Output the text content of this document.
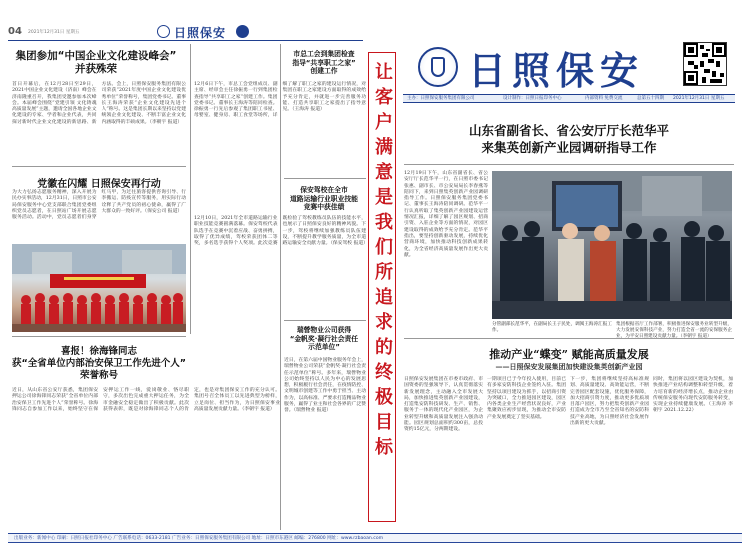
04 2021年12月31日 星期五	日照保安
集团参加“中国企业文化建设峰会”
并获殊荣
首日开幕后，在12月28日至29日，2021中国企业文化建设（济南）峰会在济南隆重召开，我集团受邀参加本次峰会。本届峰会围绕“党建引领 文化铸魂 高质量发展”主题，邀请全国各地企业文化建设的专家、学者和企业代表，共同探讨新时代企业文化建设的新思路、新方法。会上，日照保安服务集团有限公司荣获“2021年度中国企业文化建设优秀单位”荣誉称号，集团党委书记、董事长王海涛荣获“企业文化建设先进个人”称号。这是集团长期以来坚持以党建统领企业文化建设、不断丰富企业文化内涵取得的丰硕成果。（李朝宇 报道）
党徽在闪耀 日照保安再行动
为大力弘扬志愿服务精神，深入开展为民办实事活动，12月31日，日照市公安局保安服务中心党支部联合集团党委组织党员志愿者，在日照站广场开展志愿服务活动。活动中，党员志愿者们身穿红马甲，为过往旅客提供咨询引导、行李搬运、防疫宣传等服务，用实际行动诠释了共产党员的初心使命，赢得了广大群众的一致好评。（保安公司 报道）
喜报！徐海锋同志
获“全省单位内部治安保卫工作先进个人”
荣誉称号
近日，从山东省公安厅获悉，集团保安押运公司徐海锋同志荣获“全省单位内部治安保卫工作先进个人”荣誉称号。徐海锋同志自参加工作以来，始终坚守在保安押运工作一线，爱岗敬业、恪尽职守，多次出色完成重大押运任务，为全市金融安全稳定做出了积极贡献。此次获得表彰，既是对徐海锋同志个人的肯定，也是对集团保安工作的充分认可。集团号召全体员工以先进典型为榜样，立足岗位、担当作为，为日照保安事业高质量发展贡献力量。（李朝宇 报道）
市总工会到集团检查
指导“共享职工之家”
创建工作
12月6日下午，市总工会党组成员、副主席、经审会主任徐振勇一行到集团检查指导“共享职工之家”创建工作。集团党委书记、董事长王海涛等陪同检查。徐振勇一行先后参观了集团职工书屋、母婴室、健身房、职工食堂等场所，详细了解了职工之家的建设运行情况，对集团在职工之家建设方面取得的成效给予充分肯定，并就进一步完善服务功能、打造共享职工之家提出了指导意见。（王海涛 报道）
保安驾校在全市
道路运输行业职业技能
竞赛中获佳绩
12月10日，2021年全市道路运输行业职业技能竞赛圆满落幕。保安驾校代表队选手在竞赛中沉着应战、奋勇拼搏，取得了优异成绩，驾校荣获团体二等奖，多名选手获得个人奖项。此次竞赛既检验了驾校教练员队伍的技能水平，也展示了日照保安良好的精神风貌。下一步，驾校将继续加强教练员队伍建设，不断提升教学服务质量，为全市道路运输安全贡献力量。（保安驾校 报道）
瑞營物业公司获得
“金帆奖·凝行社会责任
示范单位”
近日，在第六届中国物业服务年会上，瑞營物业公司荣获“金帆奖·凝行社会责任示范单位”称号。多年来，瑞營物业公司始终坚持以人民为中心的发展思想，积极履行社会责任，在疫情防控、文明城市创建等工作中勇于担当、主动作为，以高标准、严要求打造精品物业服务，赢得了业主和社会各界的广泛赞誉。（瑞營物业 报道）	让客户满意是我们所追求的终极目标 日照保安
主办：日照保安服务集团有限公司	设计制作：日照日报印务中心	内部资料 免费交流	总第五十四期 2021年12月31日 星期五
山东省副省长、省公安厅厅长范华平
来集英创新产业园调研指导工作
12月19日下午，山东省副省长、省公安厅厅长范华平一行，在日照市委书记张惠、副市长、市公安局局长李春燕等陪同下，来到日照集英创新产业园调研指导工作。日照保安服务集团党委书记、董事长王海涛陪同调研。范华平一行认真听取了集英创新产业园建设运营情况汇报，详细了解了园区规划、招商引资、入驻企业等方面的情况，对园区建设取得的成效给予充分肯定。范华平指出，要坚持创新驱动发展，持续优化营商环境，加快推动科技创新成果转化，为全省经济高质量发展作出更大贡献。
分管副部长范华平，在副局长王子民处，调阅王海涛汇报工作。
集团根据省厅工作部署，积极推进保安服务业转型升级，大力发展安保科技产业，努力打造全省一流的安保服务企业，为平安日照建设贡献力量。（李朝宇 报道）
推动产业“蝶变” 赋能高质量发展
——日照保安发展集团加快建设集英创新产业园
日照保安发展集团在市委市政府、市国资委的坚强领导下，认真贯彻落实新发展理念，主动融入全市发展大局，加快推进集英创新产业园建设，打造集安防科技研发、生产、销售、服务于一体的现代化产业园区，为企业转型升级和高质量发展注入强劲动能。园区规划总面积约300亩，总投资约15亿元，分两期建设。
一期项目已于今年投入使用，目前已有多家安防科技企业签约入驻。集团坚持以项目建设为抓手，以招商引资为突破口，全力推进园区建设，园区内各类企业生产经营状况良好，产业集聚效应初步显现，为推动全市安防产业发展奠定了坚实基础。
下一步，集团将继续坚持高标准规划、高质量建设、高效能运营，不断完善园区配套设施，优化服务保障，加大招商引资力度，推动更多优质项目落户园区，努力把集英创新产业园打造成为全市乃至全省知名的安防科技产业高地，为日照经济社会发展作出新的更大贡献。
同时，集团将以园区建设为契机，加快推进产业结构调整和转型升级，着力培育新的经济增长点，推动企业由传统保安服务向现代安防服务转变，实现企业持续健康发展。（王海涛 李朝宇 2021.12.22）
出版业务：新闻中心 印刷：日照日报社印务中心 广告联系电话：0633-2181 广告业务：日照保安服务集团有限公司 地址：日照市东港区 邮编：276800 网址：www.rzbaoan.com
